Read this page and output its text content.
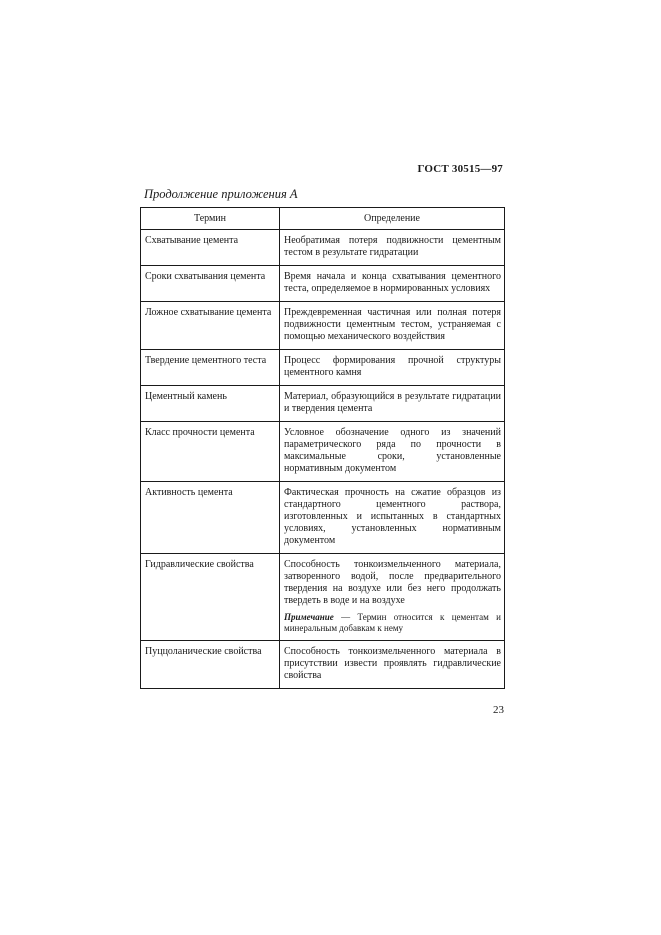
ГОСТ 30515—97
Продолжение приложения А
Термин	Определение
Схватывание цемента	Необратимая потеря подвижности цементным тестом в результате гидратации
Сроки схватывания цемента	Время начала и конца схватывания цементного теста, определяемое в нормированных условиях
Ложное схватывание цемента	Преждевременная частичная или полная потеря подвижности цементным тестом, устраняемая с помощью механического воздействия
Твердение цементного теста	Процесс формирования прочной структуры цементного камня
Цементный камень	Материал, образующийся в результате гидратации и твердения цемента
Класс прочности цемента	Условное обозначение одного из значений параметрического ряда по прочности в максимальные сроки, установленные нормативным документом
Активность цемента	Фактическая прочность на сжатие образцов из стандартного цементного раствора, изготовленных и испытанных в стандартных условиях, установленных нормативным документом
Гидравлические свойства	Способность тонкоизмельченного материала, затворенного водой, после предварительного твердения на воздухе или без него продолжать твердеть в воде и на воздухе
Примечание — Термин относится к цементам и минеральным добавкам к нему

Пуццоланические свойства	Способность тонкоизмельченного материала в присутствии извести проявлять гидравлические свойства
23
